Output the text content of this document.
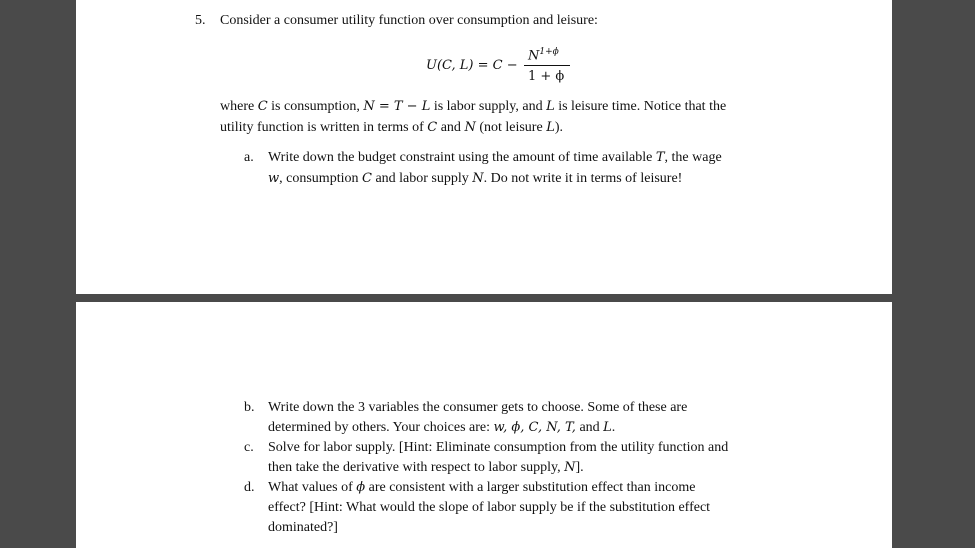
5. Consider a consumer utility function over consumption and leisure:
U(C, L) = C −
$N^{1+\phi}$
1 + ϕ
where C is consumption, N = T − L is labor supply, and L is leisure time. Notice that the
utility function is written in terms of C and N (not leisure L).
a. Write down the budget constraint using the amount of time available T, the wage
w, consumption C and labor supply N. Do not write it in terms of leisure!
b. Write down the 3 variables the consumer gets to choose. Some of these are
determined by others. Your choices are: w, ϕ, C, N, T, and L.
c. Solve for labor supply. [Hint: Eliminate consumption from the utility function and
then take the derivative with respect to labor supply, N].
d. What values of ϕ are consistent with a larger substitution effect than income
effect? [Hint: What would the slope of labor supply be if the substitution effect
dominated?]
